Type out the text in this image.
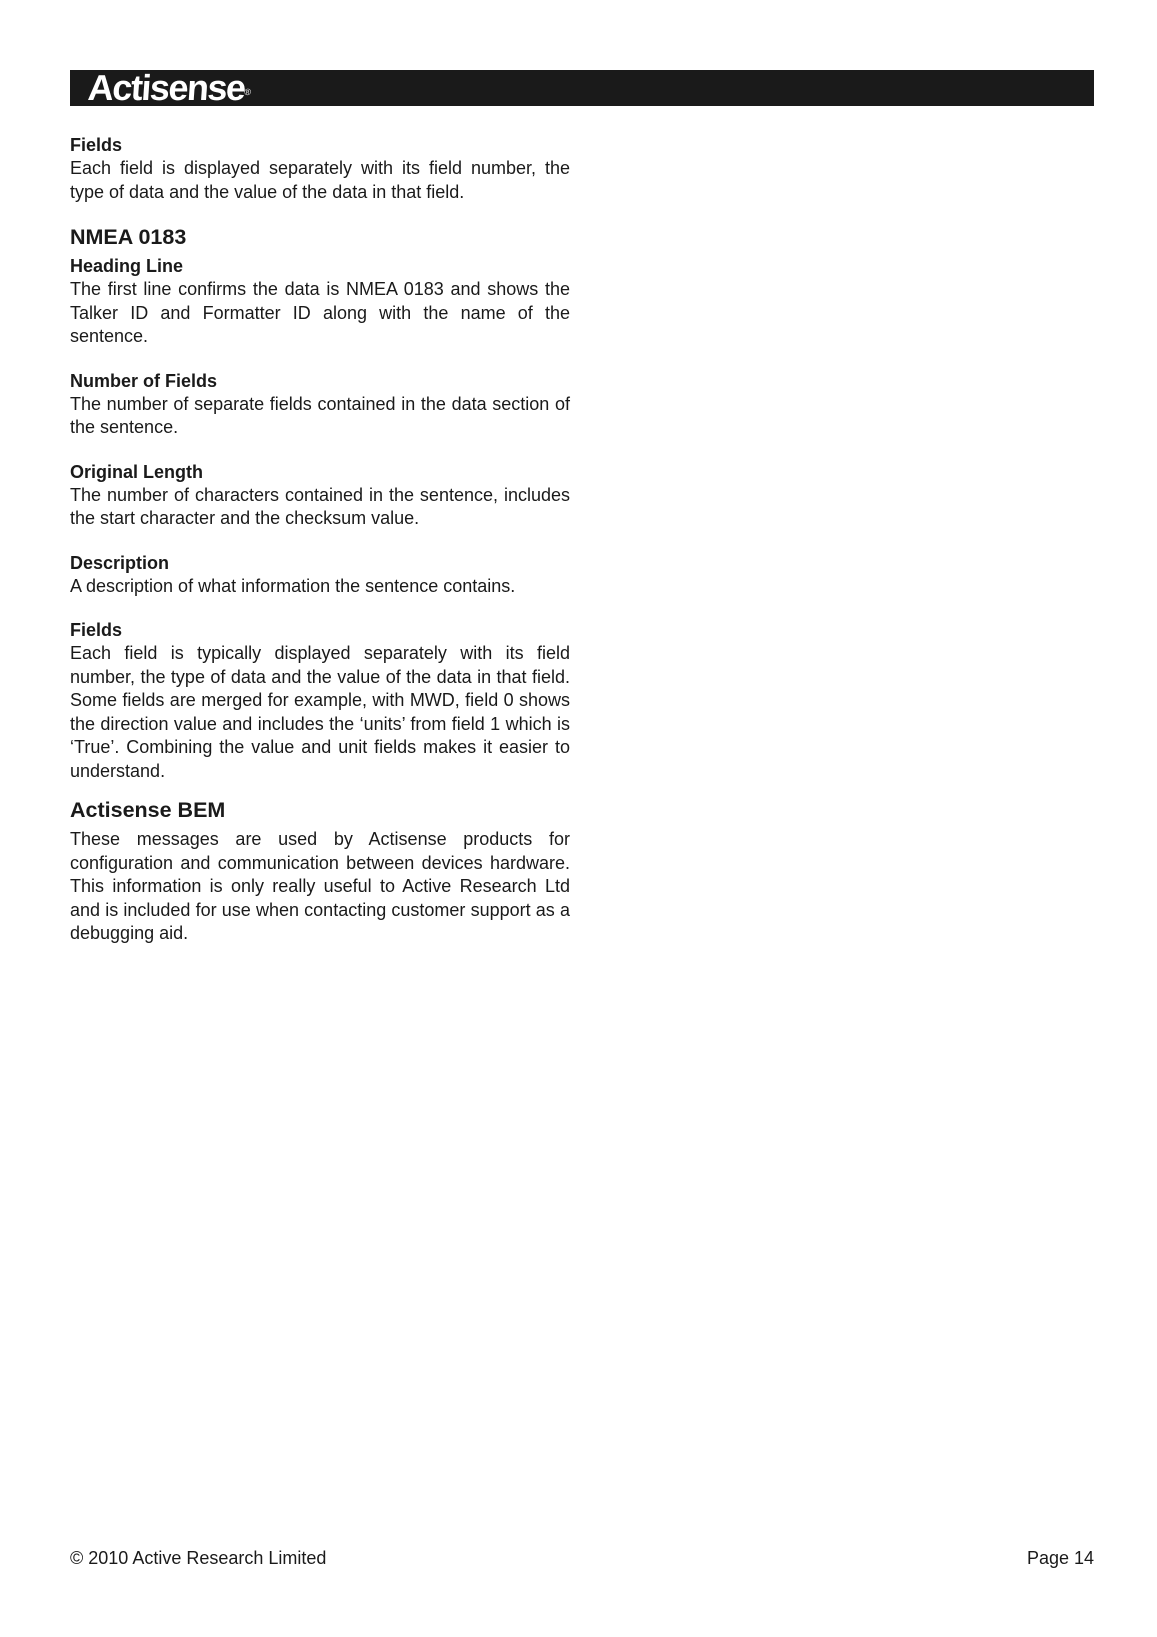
Actisense®
Fields

Each field is displayed separately with its field number, the type of data and the value of the data in that field.

NMEA 0183
Heading Line

The first line confirms the data is NMEA 0183 and shows the Talker ID and Formatter ID along with the name of the sentence.

Number of Fields

The number of separate fields contained in the data section of the sentence.

Original Length

The number of characters contained in the sentence, includes the start character and the checksum value.

Description

A description of what information the sentence contains.

Fields

Each field is typically displayed separately with its field number, the type of data and the value of the data in that field. Some fields are merged for example, with MWD, field 0 shows the direction value and includes the ‘units’ from field 1 which is ‘True’. Combining the value and unit fields makes it easier to understand.

Actisense BEM

These messages are used by Actisense products for configuration and communication between devices hardware. This information is only really useful to Active Research Ltd and is included for use when contacting customer support as a debugging aid.

© 2010 Active Research Limited	Page 14
